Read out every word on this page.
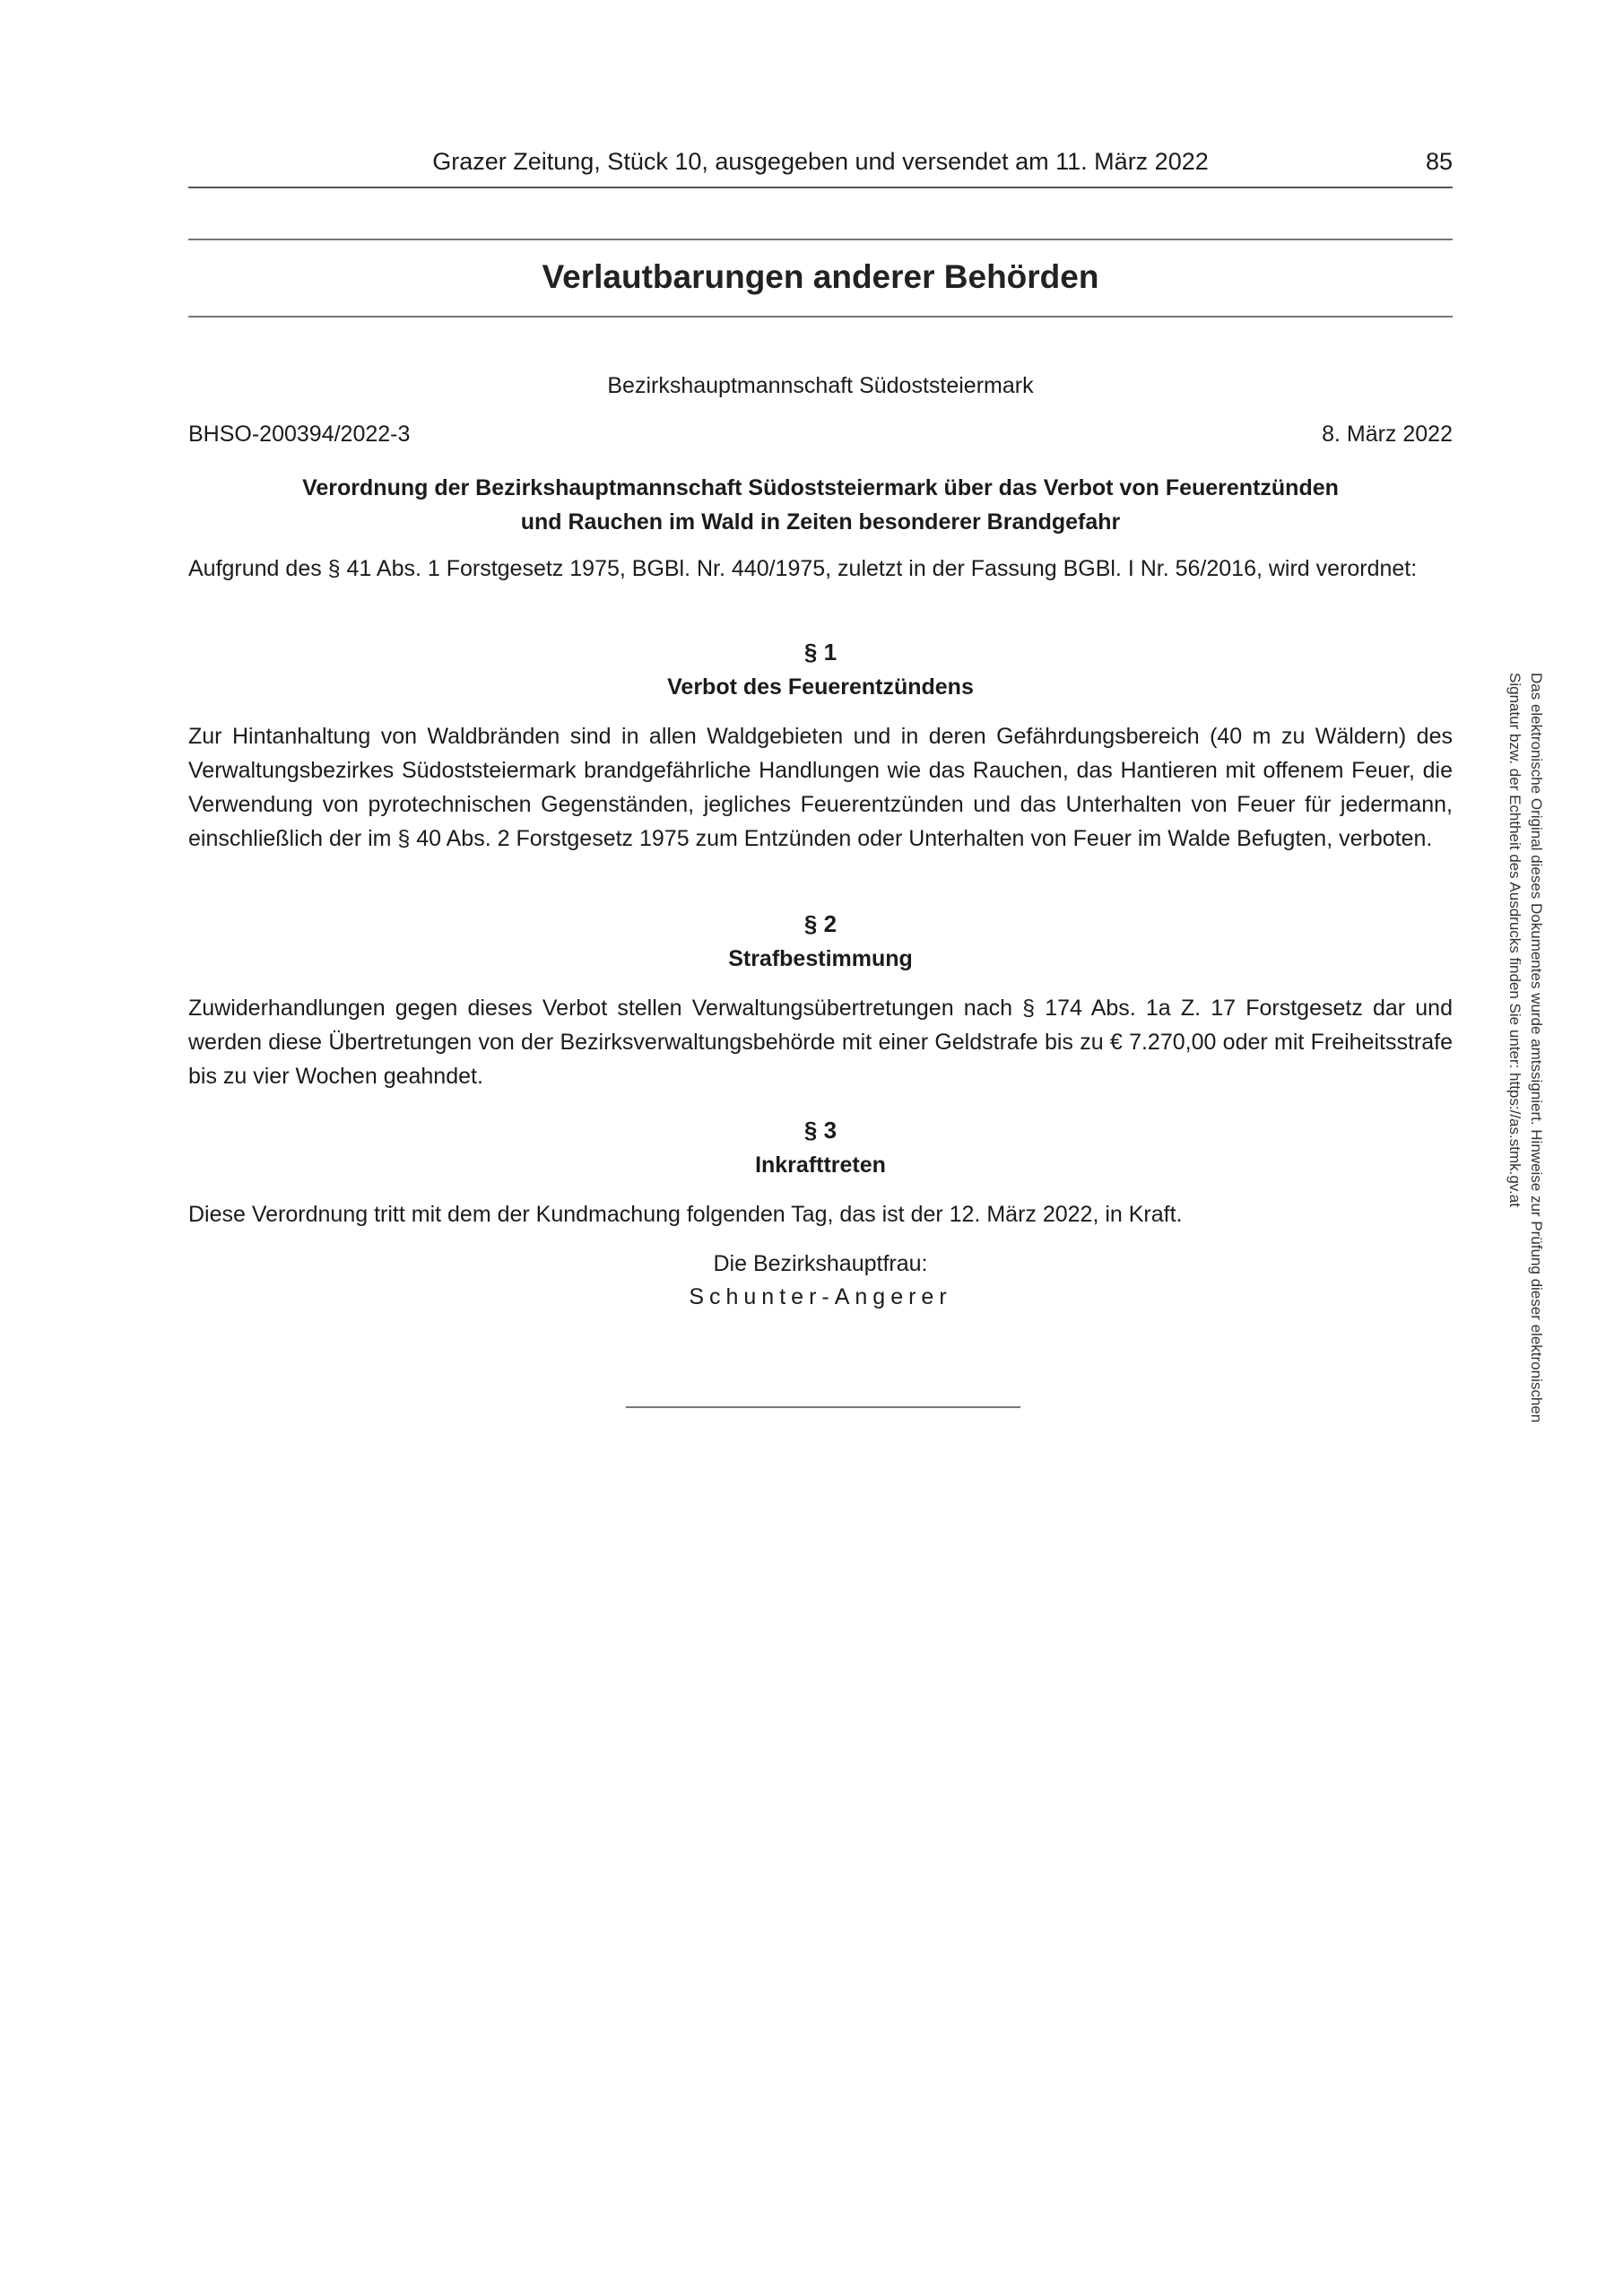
Grazer Zeitung, Stück 10, ausgegeben und versendet am 11. März 2022	85
Verlautbarungen anderer Behörden
Bezirkshauptmannschaft Südoststeiermark
BHSO-200394/2022-3	8. März 2022
Verordnung der Bezirkshauptmannschaft Südoststeiermark über das Verbot von Feuerentzünden
und Rauchen im Wald in Zeiten besonderer Brandgefahr
Aufgrund des § 41 Abs. 1 Forstgesetz 1975, BGBl. Nr. 440/1975, zuletzt in der Fassung BGBl. I Nr. 56/2016, wird verordnet:
§ 1
Verbot des Feuerentzündens
Zur Hintanhaltung von Waldbränden sind in allen Waldgebieten und in deren Gefährdungsbereich (40 m zu Wäldern) des Verwaltungsbezirkes Südoststeiermark brandgefährliche Handlungen wie das Rauchen, das Hantieren mit offenem Feuer, die Verwendung von pyrotechnischen Gegenständen, jegliches Feuerentzünden und das Unterhalten von Feuer für jedermann, einschließlich der im § 40 Abs. 2 Forstgesetz 1975 zum Entzünden oder Unterhalten von Feuer im Walde Befugten, verboten.
§ 2
Strafbestimmung
Zuwiderhandlungen gegen dieses Verbot stellen Verwaltungsübertretungen nach § 174 Abs. 1a Z. 17 Forstgesetz dar und werden diese Übertretungen von der Bezirksverwaltungsbehörde mit einer Geldstrafe bis zu € 7.270,00 oder mit Freiheitsstrafe bis zu vier Wochen geahndet.
§ 3
Inkrafttreten
Diese Verordnung tritt mit dem der Kundmachung folgenden Tag, das ist der 12. März 2022, in Kraft.
Die Bezirkshauptfrau:
Schunter-Angerer	Das elektronische Original dieses Dokumentes wurde amtssigniert. Hinweise zur Prüfung dieser elektronischen Signatur bzw. der Echtheit des Ausdrucks finden Sie unter: https://as.stmk.gv.at
